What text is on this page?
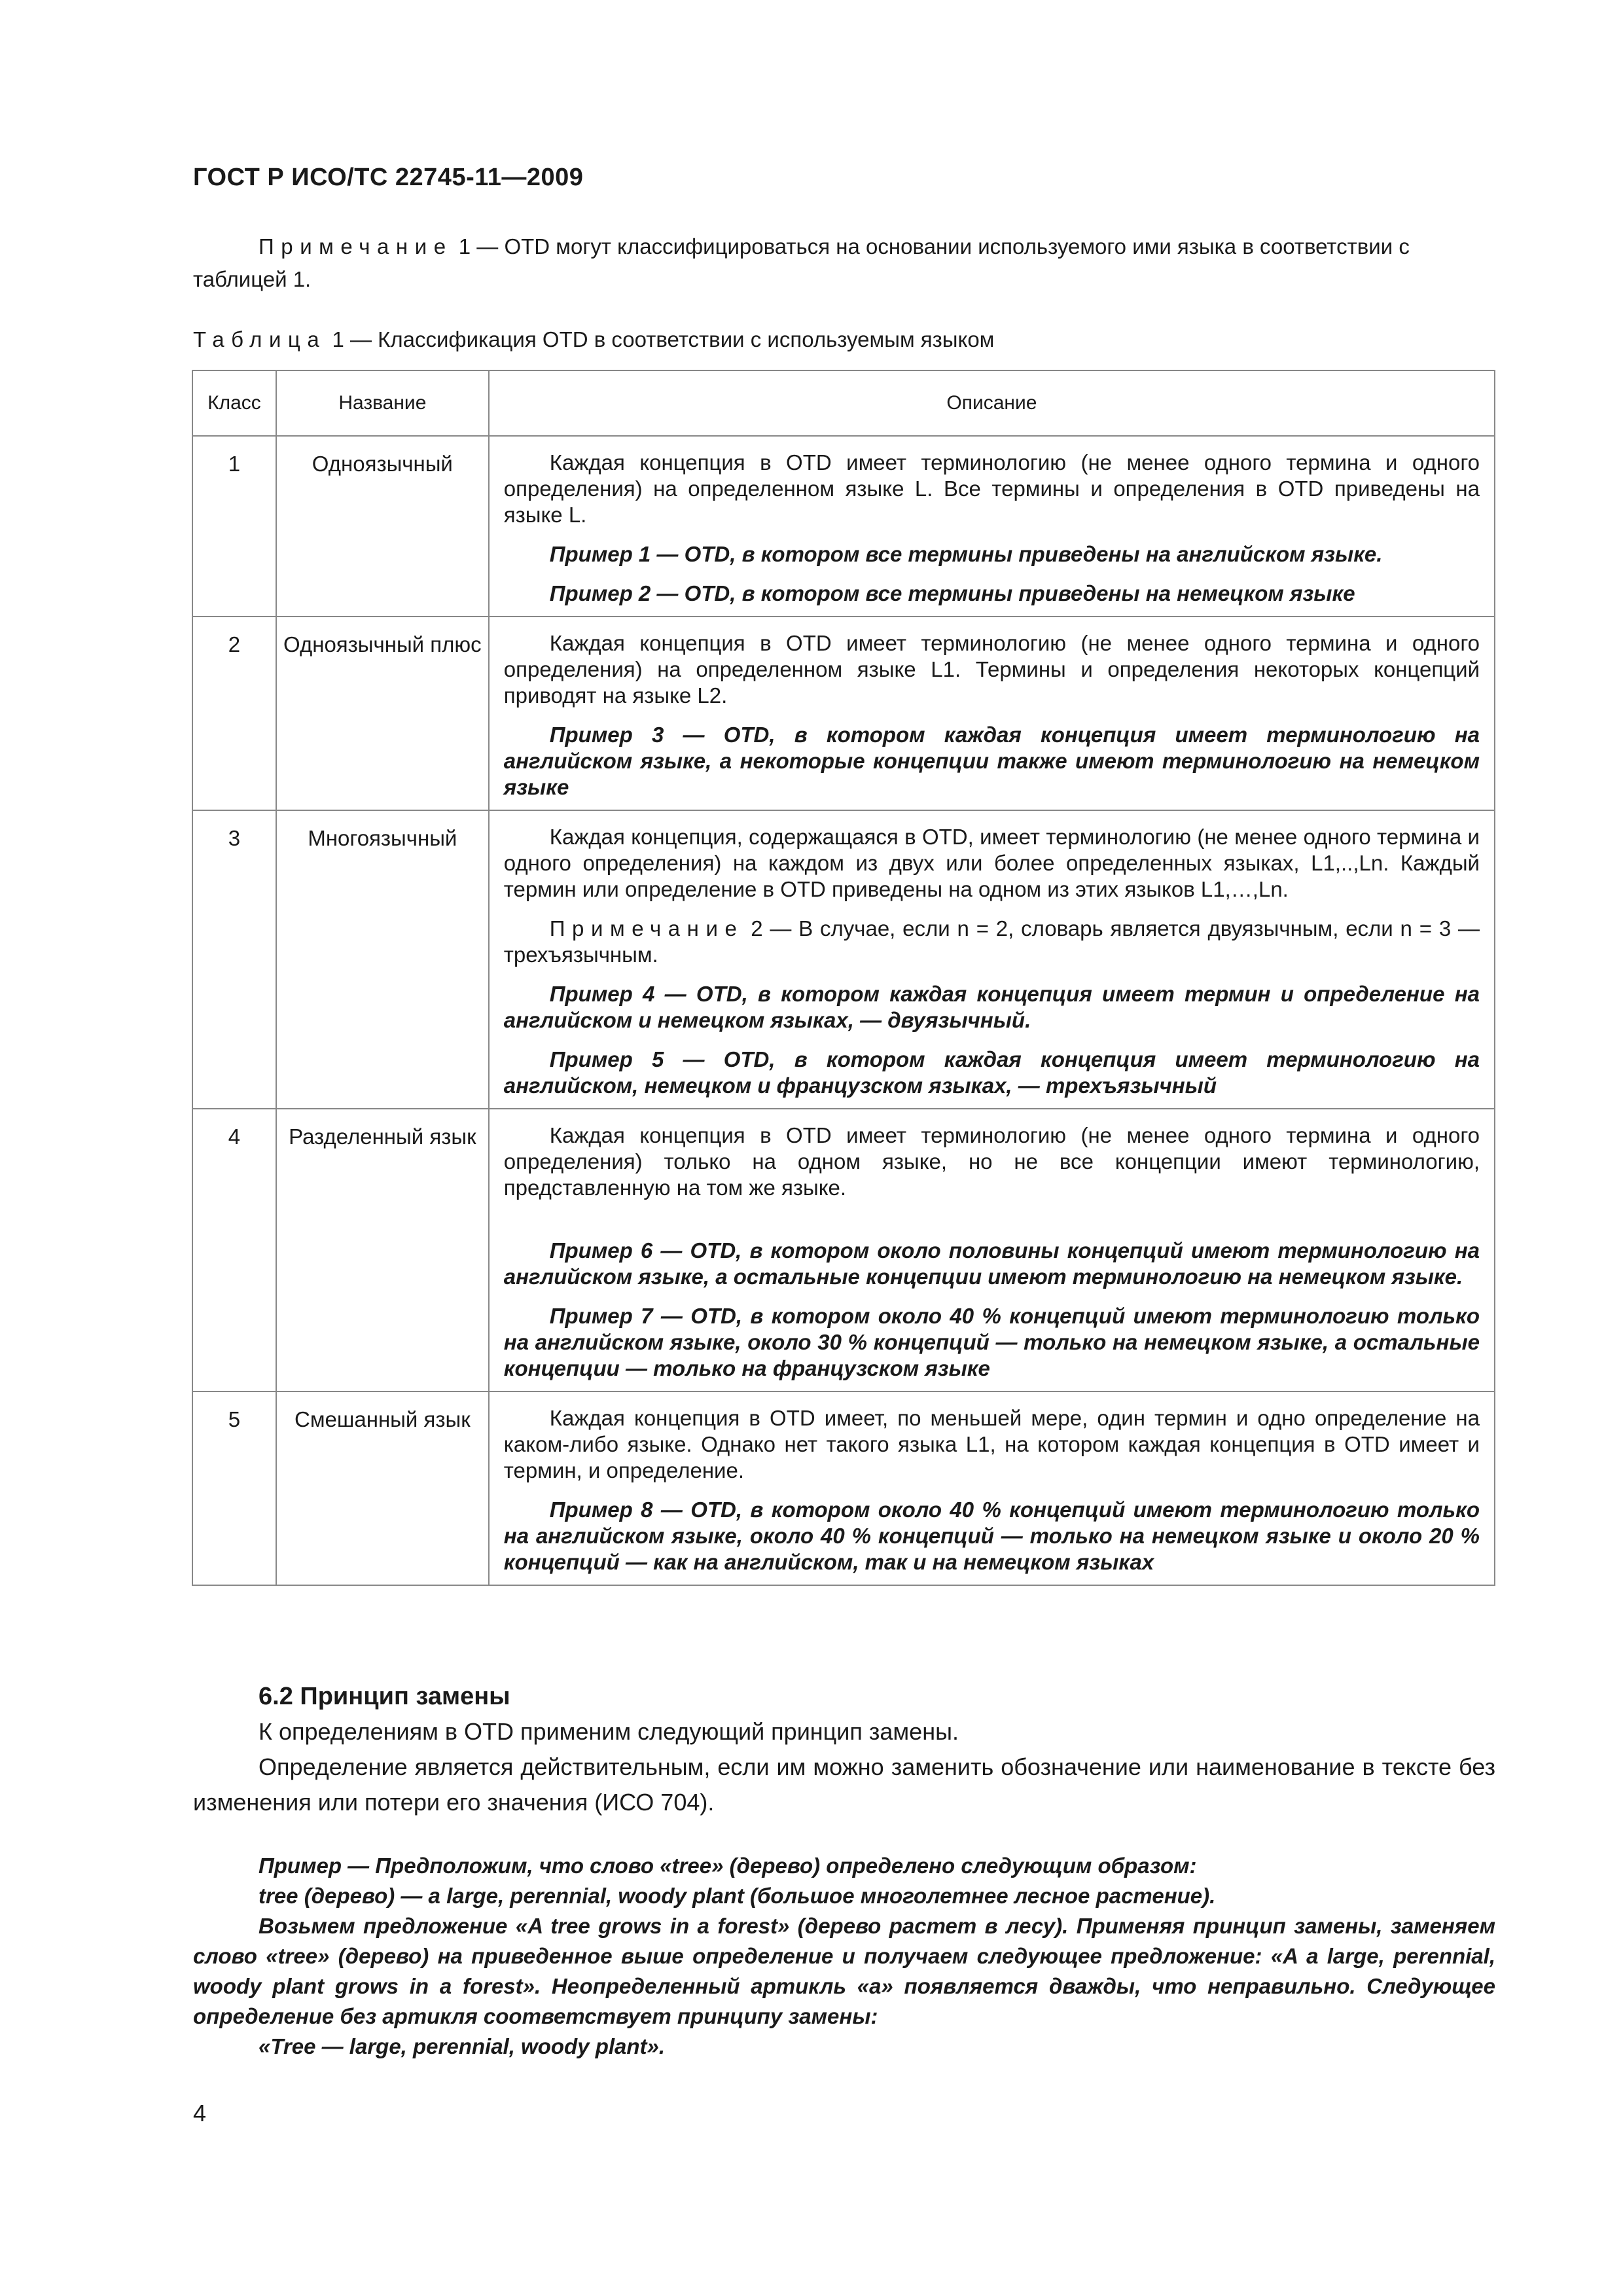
ГОСТ Р ИСО/ТС 22745-11—2009
Примечание 1 — OTD могут классифицироваться на основании используемого ими языка в соответствии с таблицей 1.
Таблица 1 — Классификация OTD в соответствии с используемым языком
Класс	Название	Описание
1	Одноязычный	Каждая концепция в OTD имеет терминологию (не менее одного термина и одного определения) на определенном языке L. Все термины и определения в OTD приведены на языке L.

Пример 1 — OTD, в котором все термины приведены на английском языке.

Пример 2 — OTD, в котором все термины приведены на немецком языке

2	Одноязычный плюс	Каждая концепция в OTD имеет терминологию (не менее одного термина и одного определения) на определенном языке L1. Термины и определения некоторых концепций приводят на языке L2.

Пример 3 — OTD, в котором каждая концепция имеет терминологию на английском языке, а некоторые концепции также имеют терминологию на немецком языке

3	Многоязычный	Каждая концепция, содержащаяся в OTD, имеет терминологию (не менее одного термина и одного определения) на каждом из двух или более определенных языках, L1,..,Ln. Каждый термин или определение в OTD приведены на одном из этих языков L1,…,Ln.

Примечание 2 — В случае, если n = 2, словарь является двуязычным, если n = 3 — трехъязычным.

Пример 4 — OTD, в котором каждая концепция имеет термин и определение на английском и немецком языках, — двуязычный.

Пример 5 — OTD, в котором каждая концепция имеет терминологию на английском, немецком и французском языках, — трехъязычный

4	Разделенный язык	Каждая концепция в OTD имеет терминологию (не менее одного термина и одного определения) только на одном языке, но не все концепции имеют терминологию, представленную на том же языке.

Пример 6 — OTD, в котором около половины концепций имеют терминологию на английском языке, а остальные концепции имеют терминологию на немецком языке.

Пример 7 — OTD, в котором около 40 % концепций имеют терминологию только на английском языке, около 30 % концепций — только на немецком языке, а остальные концепции — только на французском языке

5	Смешанный язык	Каждая концепция в OTD имеет, по меньшей мере, один термин и одно определение на каком-либо языке. Однако нет такого языка L1, на котором каждая концепция в OTD имеет и термин, и определение.

Пример 8 — OTD, в котором около 40 % концепций имеют терминологию только на английском языке, около 40 % концепций — только на немецком языке и около 20 % концепций — как на английском, так и на немецком языках

6.2 Принцип замены

К определениям в OTD применим следующий принцип замены.

Определение является действительным, если им можно заменить обозначение или наименование в тексте без изменения или потери его значения (ИСО 704).

Пример — Предположим, что слово «tree» (дерево) определено следующим образом:

tree (дерево) — a large, perennial, woody plant (большое многолетнее лесное растение).

Возьмем предложение «A tree grows in a forest» (дерево растет в лесу). Применяя принцип замены, заменяем слово «tree» (дерево) на приведенное выше определение и получаем следующее предложение: «A a large, perennial, woody plant grows in a forest». Неопределенный артикль «a» появляется дважды, что неправильно. Следующее определение без артикля соответствует принципу замены:

«Tree — large, perennial, woody plant».

4
